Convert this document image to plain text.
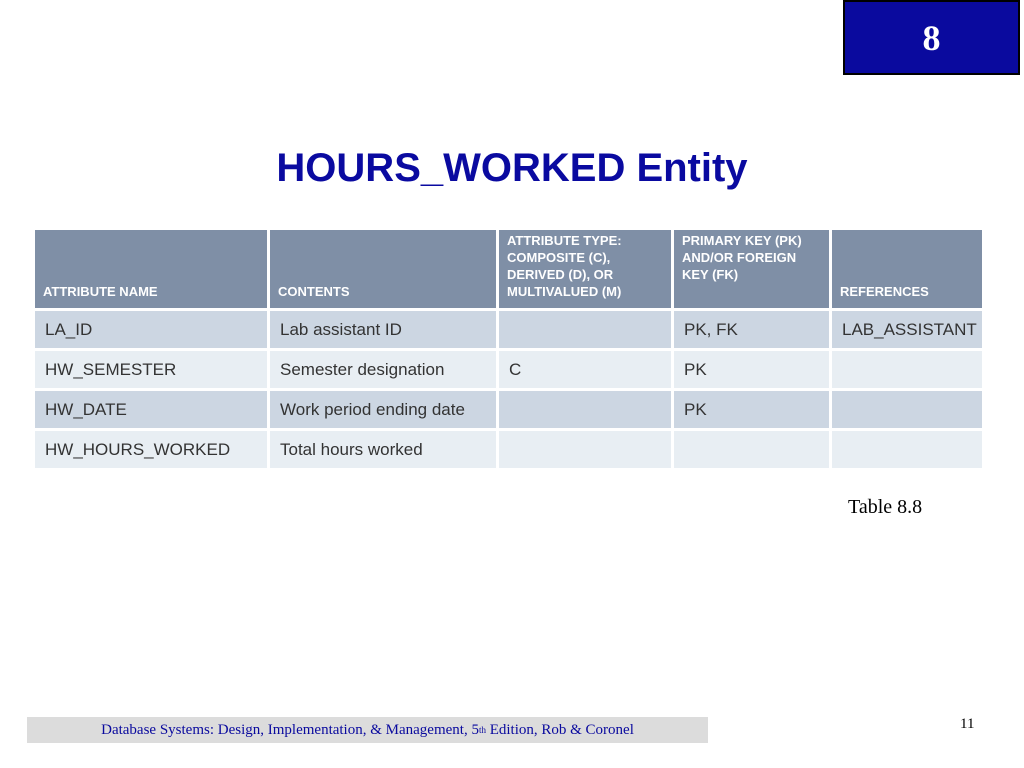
8
HOURS_WORKED Entity
ATTRIBUTE NAME	CONTENTS	ATTRIBUTE TYPE: COMPOSITE (C), DERIVED (D), OR MULTIVALUED (M)	PRIMARY KEY (PK) AND/OR FOREIGN KEY (FK)	REFERENCES
LA_ID	Lab assistant ID		PK, FK	LAB_ASSISTANT
HW_SEMESTER	Semester designation	C	PK	
HW_DATE	Work period ending date		PK	
HW_HOURS_WORKED	Total hours worked			
Table 8.8
11
Database Systems: Design, Implementation, & Management, 5 th Edition, Rob & Coronel
